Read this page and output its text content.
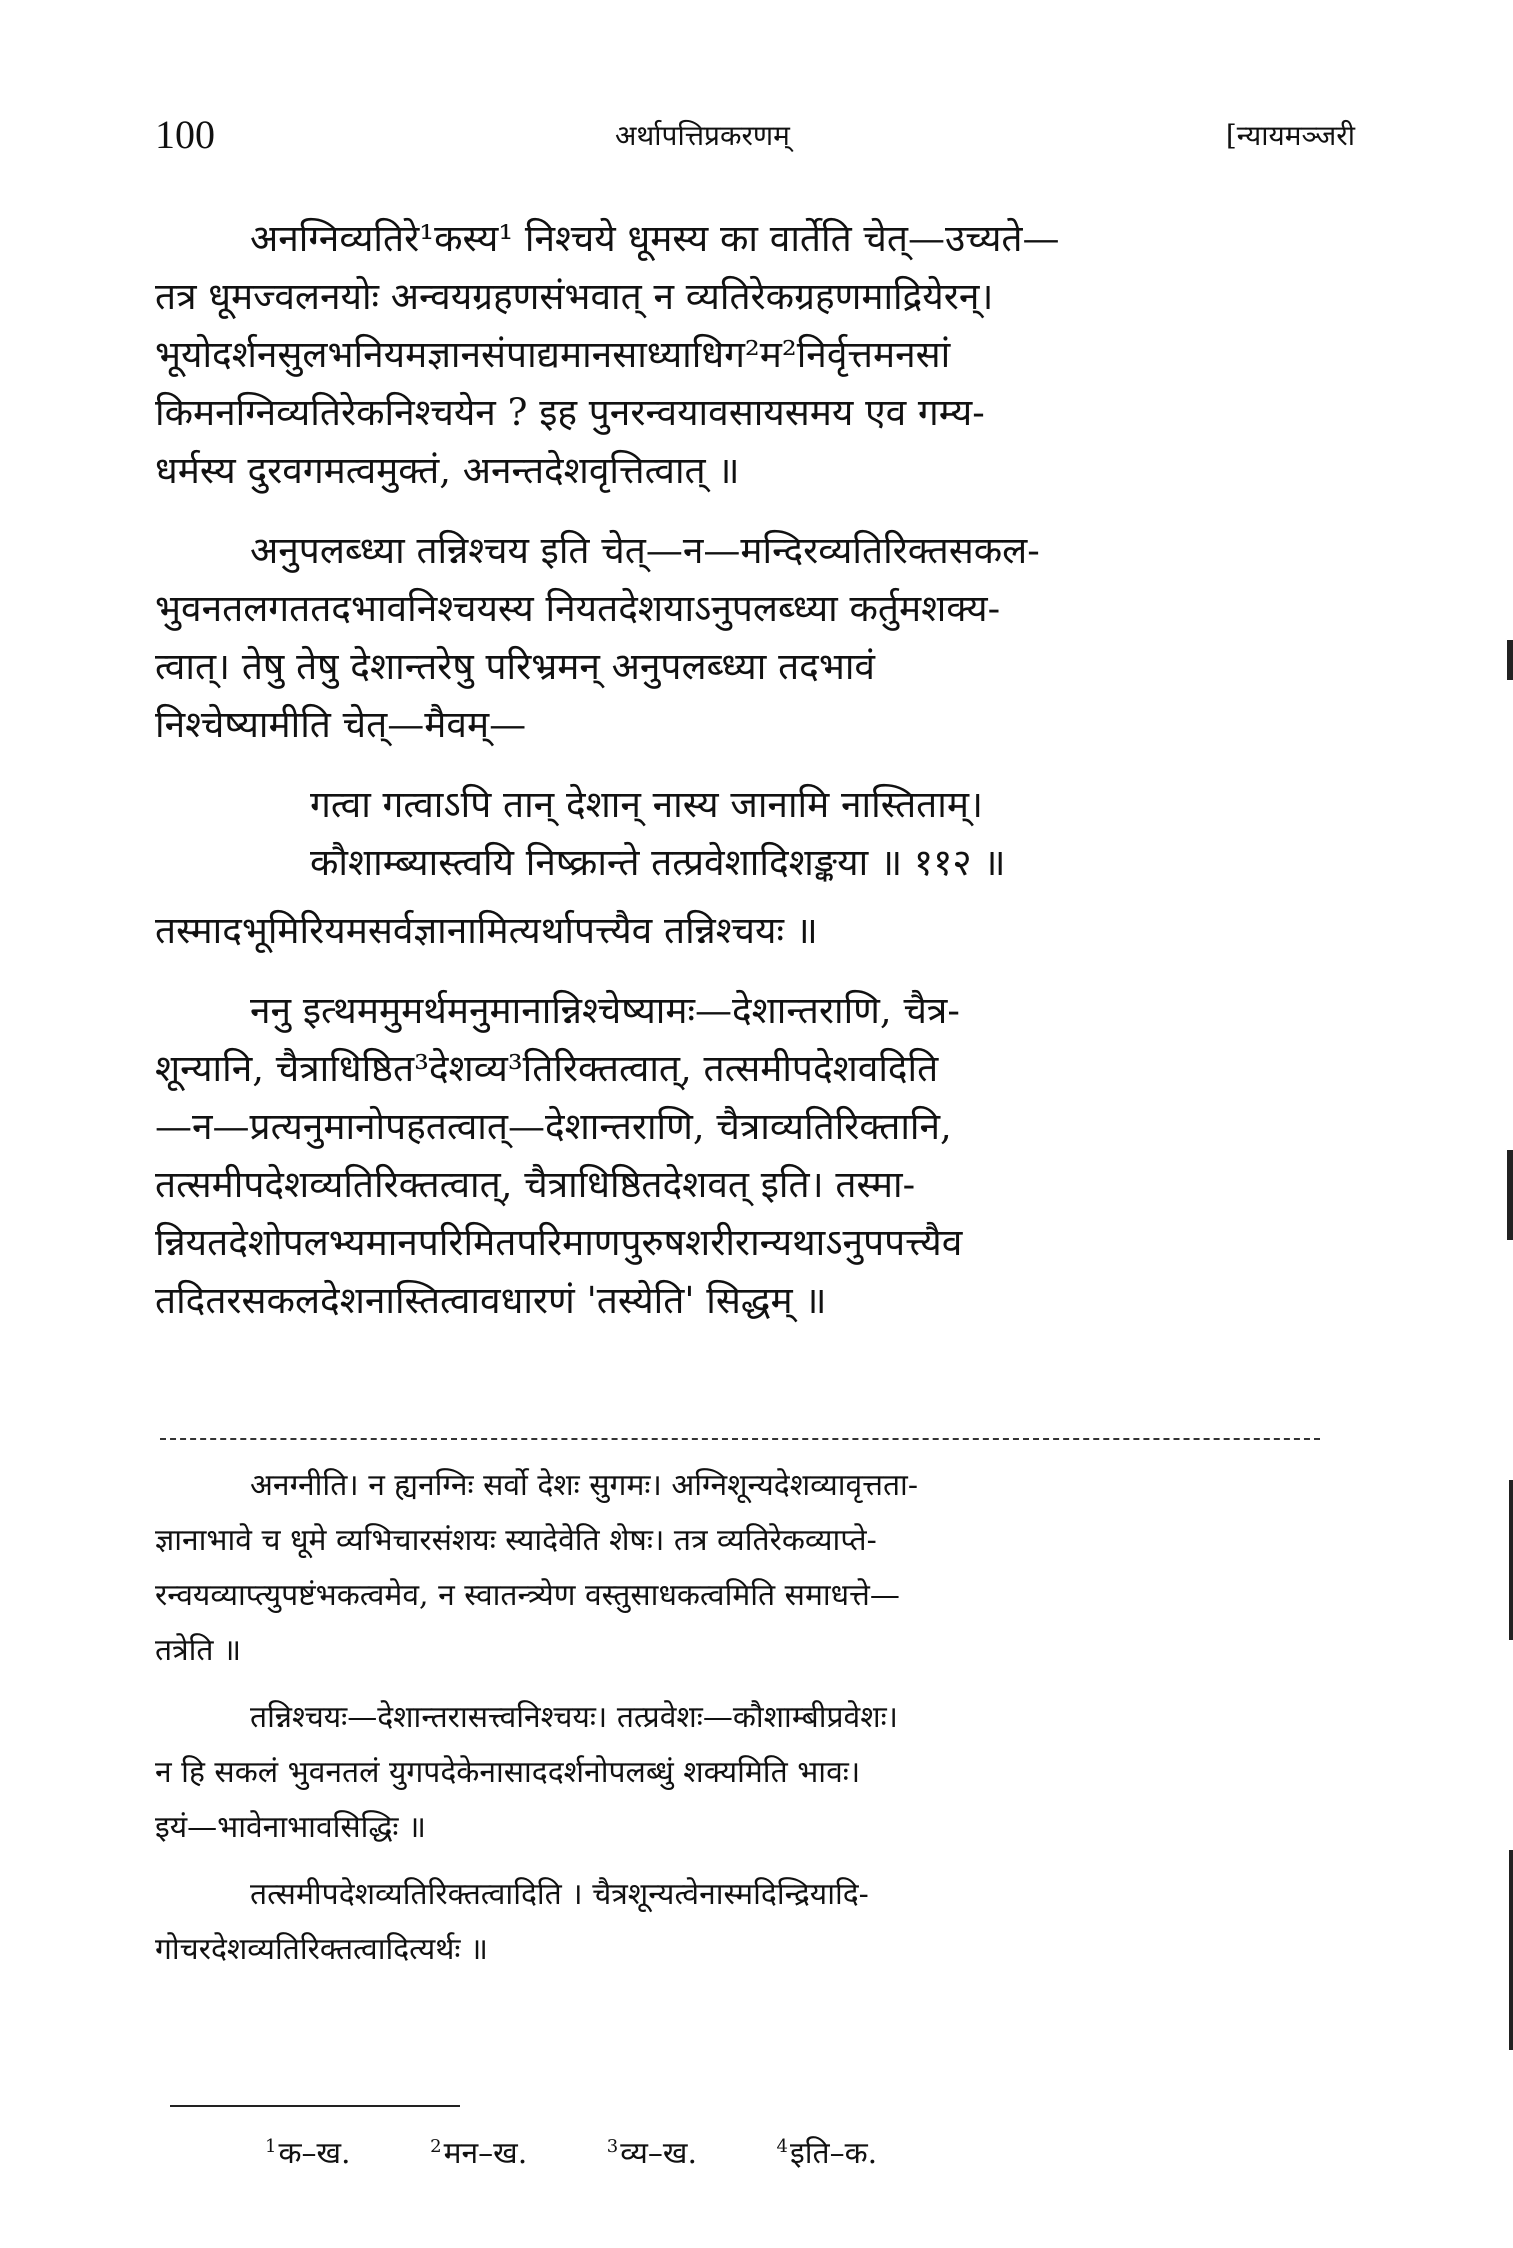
100	अर्थापत्तिप्रकरणम्	[न्यायमञ्जरी
अनग्निव्यतिरे¹कस्य¹ निश्चये धूमस्य का वार्तेति चेत्—उच्यते—
तत्र धूमज्वलनयोः अन्वयग्रहणसंभवात् न व्यतिरेकग्रहणमाद्रियेरन्।
भूयोदर्शनसुलभनियमज्ञानसंपाद्यमानसाध्याधिग²म²निर्वृत्तमनसां
किमनग्निव्यतिरेकनिश्चयेन ? इह पुनरन्वयावसायसमय एव गम्य-
धर्मस्य दुरवगमत्वमुक्तं, अनन्तदेशवृत्तित्वात् ॥
अनुपलब्ध्या तन्निश्चय इति चेत्—न—मन्दिरव्यतिरिक्तसकल-
भुवनतलगततदभावनिश्चयस्य नियतदेशयाऽनुपलब्ध्या कर्तुमशक्य-
त्वात्। तेषु तेषु देशान्तरेषु परिभ्रमन् अनुपलब्ध्या तदभावं
निश्चेष्यामीति चेत्—मैवम्—
गत्वा गत्वाऽपि तान् देशान् नास्य जानामि नास्तिताम्।
कौशाम्ब्यास्त्वयि निष्क्रान्ते तत्प्रवेशादिशङ्कया ॥ ११२ ॥
तस्मादभूमिरियमसर्वज्ञानामित्यर्थापत्त्यैव तन्निश्चयः ॥
ननु इत्थममुमर्थमनुमानान्निश्चेष्यामः—देशान्तराणि, चैत्र-
शून्यानि, चैत्राधिष्ठित³देशव्य³तिरिक्तत्वात्, तत्समीपदेशवदिति
—न—प्रत्यनुमानोपहतत्वात्—देशान्तराणि, चैत्राव्यतिरिक्तानि,
तत्समीपदेशव्यतिरिक्तत्वात्, चैत्राधिष्ठितदेशवत् इति। तस्मा-
न्नियतदेशोपलभ्यमानपरिमितपरिमाणपुरुषशरीरान्यथाऽनुपपत्त्यैव
तदितरसकलदेशनास्तित्वावधारणं 'तस्येति' सिद्धम् ॥
अनग्नीति। न ह्यनग्निः सर्वो देशः सुगमः। अग्निशून्यदेशव्यावृत्तता-
ज्ञानाभावे च धूमे व्यभिचारसंशयः स्यादेवेति शेषः। तत्र व्यतिरेकव्याप्ते-
रन्वयव्याप्त्युपष्टंभकत्वमेव, न स्वातन्त्र्येण वस्तुसाधकत्वमिति समाधत्ते—
तत्रेति ॥
तन्निश्चयः—देशान्तरासत्त्वनिश्चयः। तत्प्रवेशः—कौशाम्बीप्रवेशः।
न हि सकलं भुवनतलं युगपदेकेनासाददर्शनोपलब्धुं शक्यमिति भावः।
इयं—भावेनाभावसिद्धिः ॥
तत्समीपदेशव्यतिरिक्तत्वादिति । चैत्रशून्यत्वेनास्मदिन्द्रियादि-
गोचरदेशव्यतिरिक्तत्वादित्यर्थः ॥
$^1$क–ख.	$^2$मन–ख.	$^3$व्य–ख.	$^4$इति–क.
